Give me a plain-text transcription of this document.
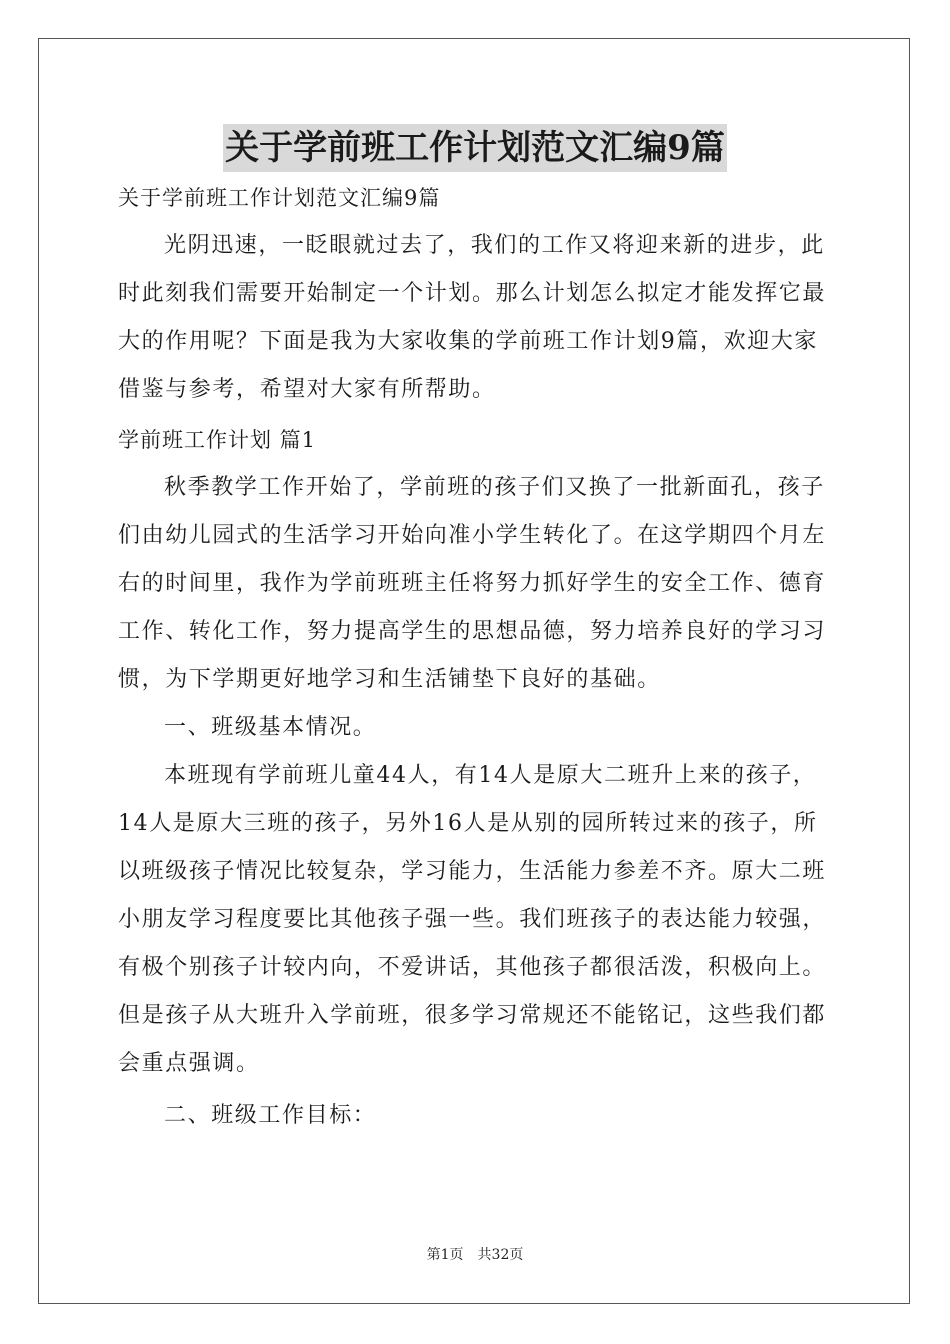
关于学前班工作计划范文汇编9篇

关于学前班工作计划范文汇编9篇

光阴迅速，一眨眼就过去了，我们的工作又将迎来新的进步，此

时此刻我们需要开始制定一个计划。那么计划怎么拟定才能发挥它最

大的作用呢？下面是我为大家收集的学前班工作计划9篇，欢迎大家

借鉴与参考，希望对大家有所帮助。

学前班工作计划 篇1

秋季教学工作开始了，学前班的孩子们又换了一批新面孔，孩子

们由幼儿园式的生活学习开始向准小学生转化了。在这学期四个月左

右的时间里，我作为学前班班主任将努力抓好学生的安全工作、德育

工作、转化工作，努力提高学生的思想品德，努力培养良好的学习习

惯，为下学期更好地学习和生活铺垫下良好的基础。

一、班级基本情况。

本班现有学前班儿童44人，有14人是原大二班升上来的孩子，

14人是原大三班的孩子，另外16人是从别的园所转过来的孩子，所

以班级孩子情况比较复杂，学习能力，生活能力参差不齐。原大二班

小朋友学习程度要比其他孩子强一些。我们班孩子的表达能力较强，

有极个别孩子计较内向，不爱讲话，其他孩子都很活泼，积极向上。

但是孩子从大班升入学前班，很多学习常规还不能铭记，这些我们都

会重点强调。

二、班级工作目标：

第1页　共32页
